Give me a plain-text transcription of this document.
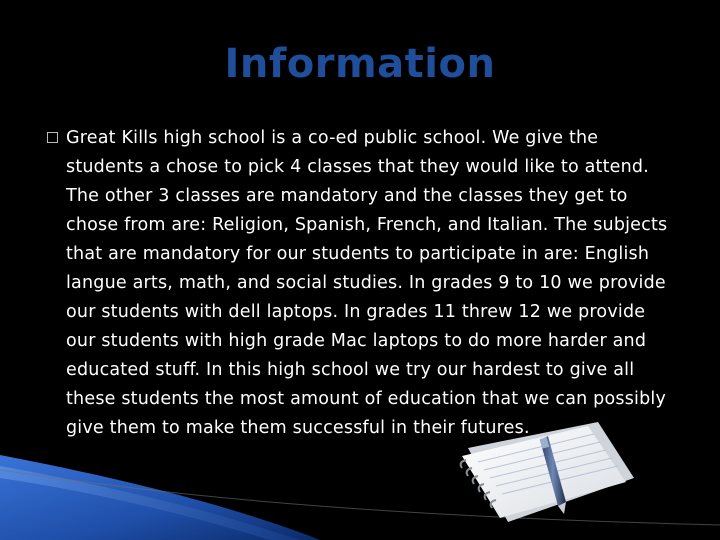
Information

Great Kills high school is a co-ed public school. We give the students a chose to pick 4 classes that they would like to attend. The other 3 classes are mandatory and the classes they get to chose from are: Religion, Spanish, French, and Italian. The subjects that are mandatory for our students to participate in are: English langue arts, math, and social studies. In grades 9 to 10 we provide our students with dell laptops. In grades 11 threw 12 we provide our students with high grade Mac laptops to do more harder and educated stuff. In this high school we try our hardest to give all these students the most amount of education that we can possibly give them to make them successful in their futures.
